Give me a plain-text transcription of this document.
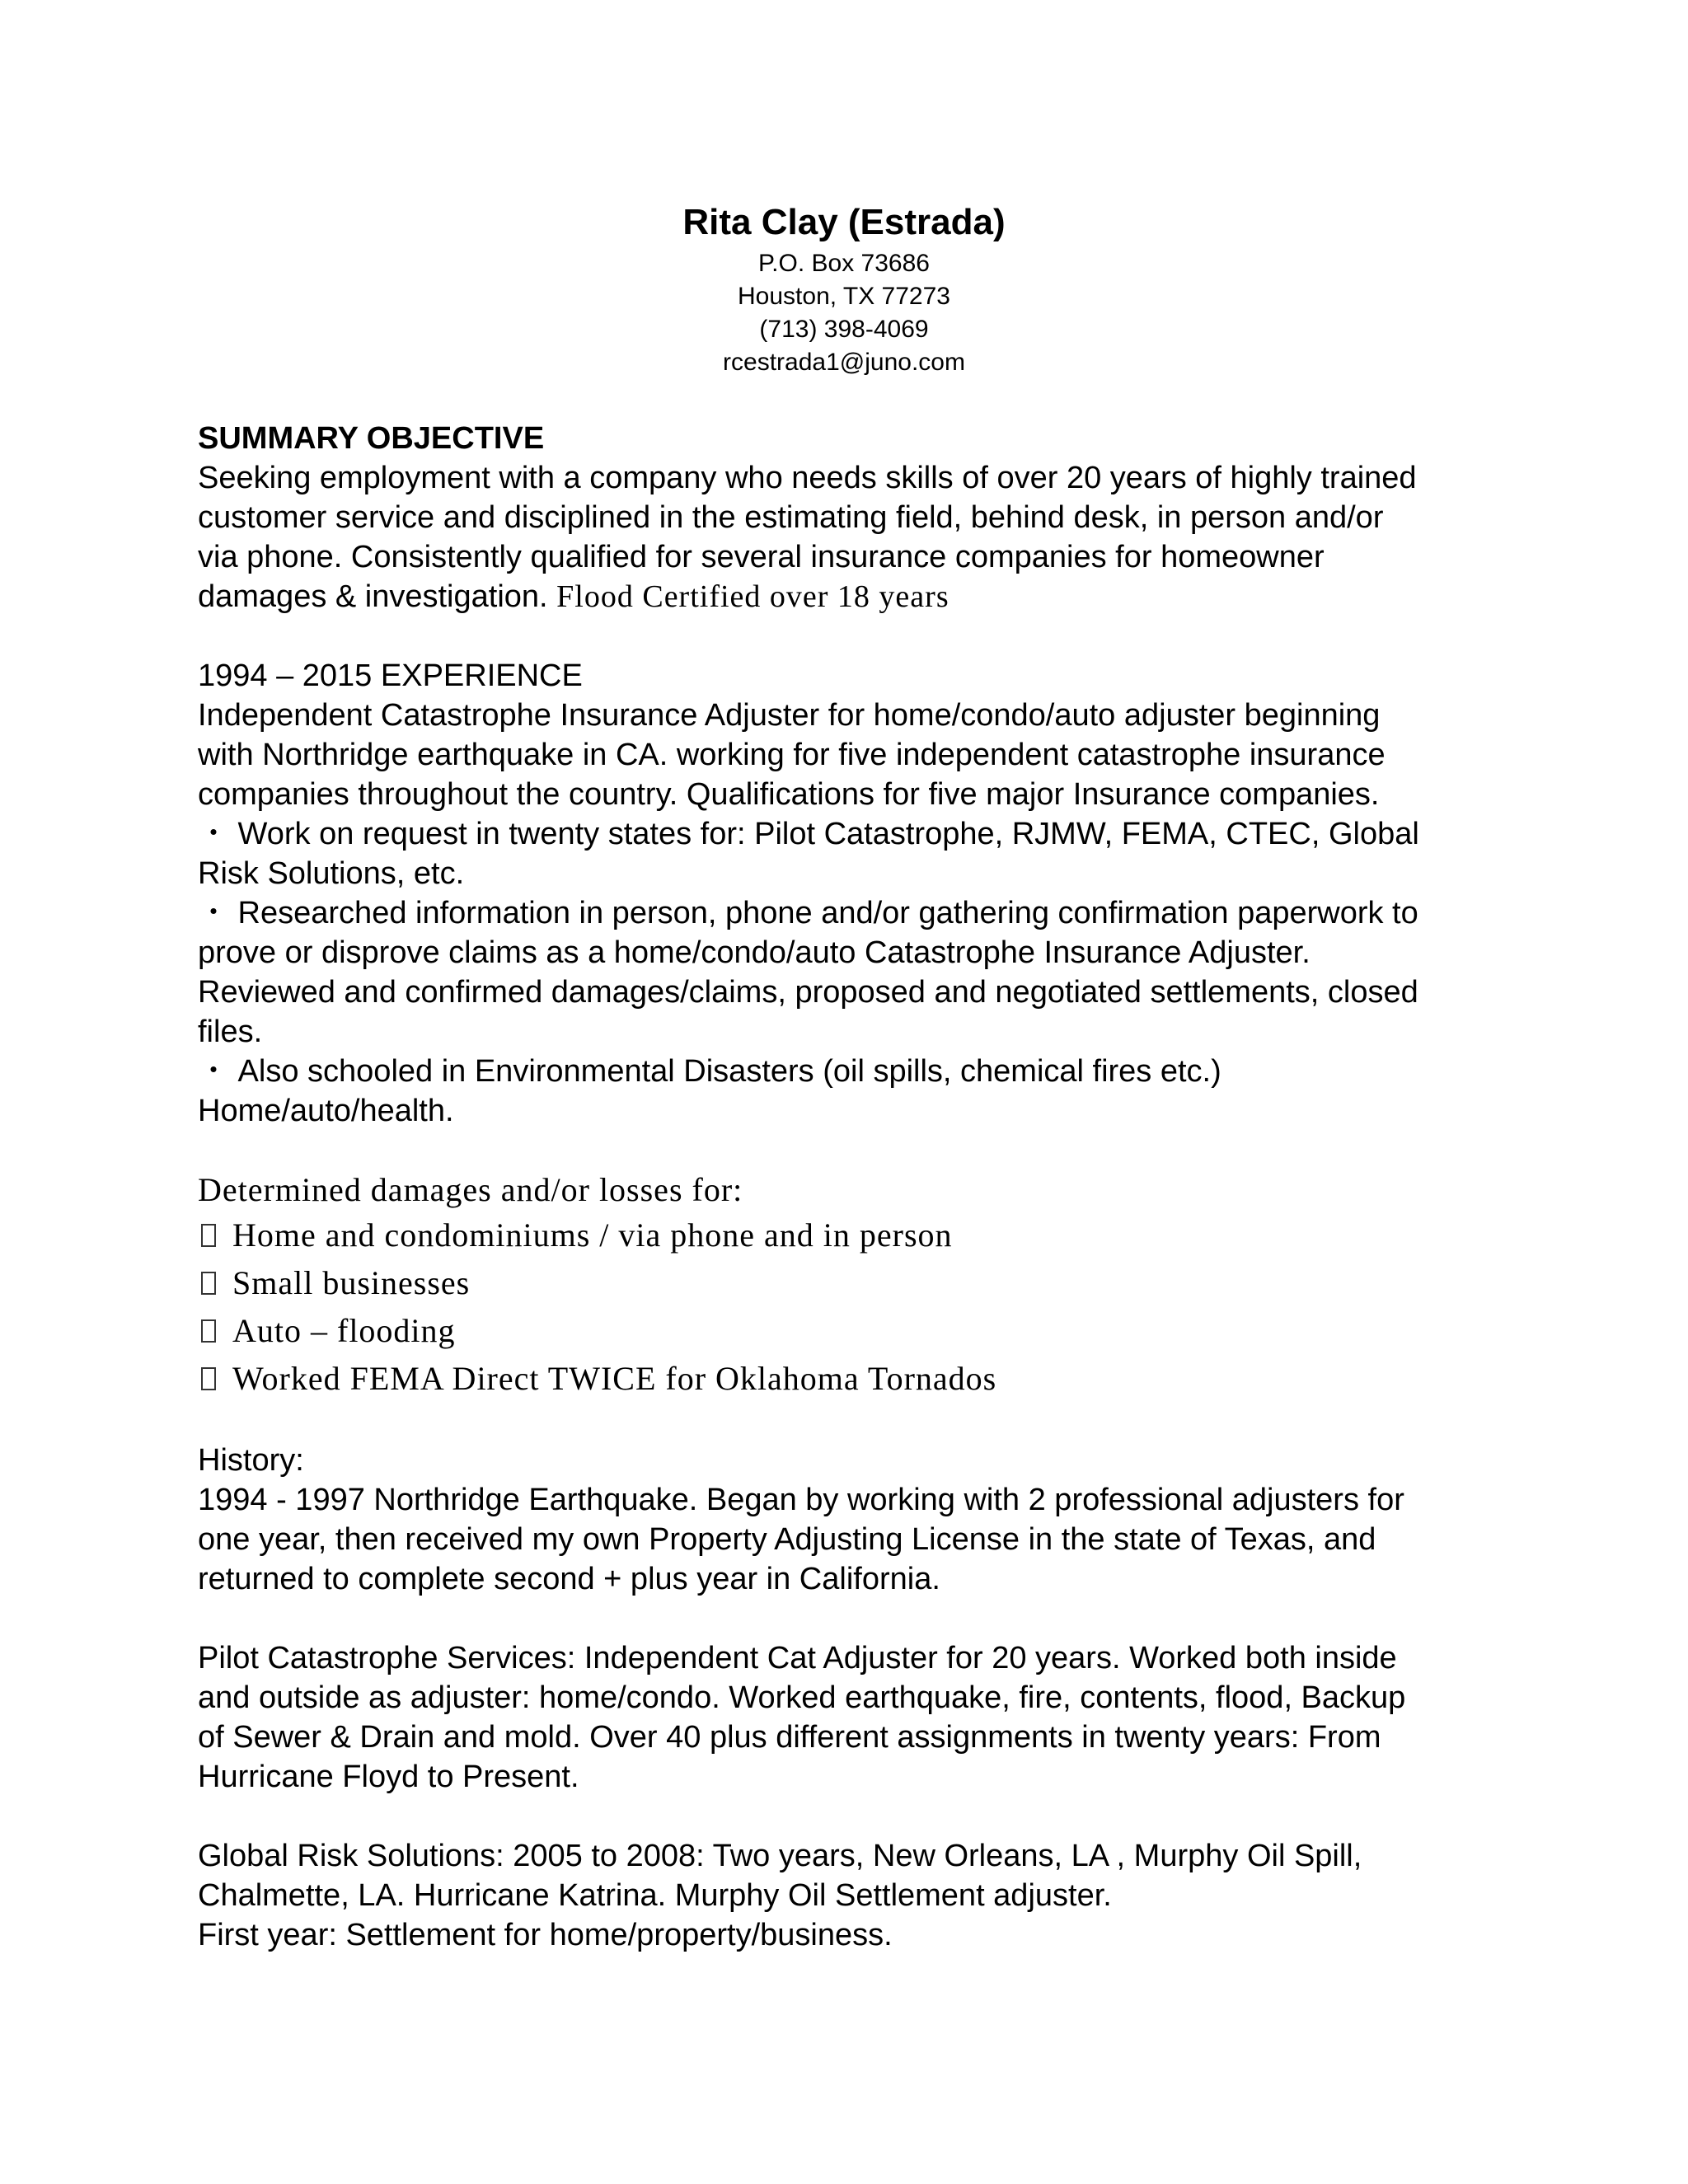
Rita Clay (Estrada)

P.O. Box 73686

Houston, TX 77273

(713) 398-4069

rcestrada1@juno.com

SUMMARY OBJECTIVE

Seeking employment with a company who needs skills of over 20 years of highly trained

customer service and disciplined in the estimating field, behind desk, in person and/or

via phone. Consistently qualified for several insurance companies for homeowner

damages & investigation. Flood Certified over 18 years

1994 – 2015 EXPERIENCE

Independent Catastrophe Insurance Adjuster for home/condo/auto adjuster beginning

with Northridge earthquake in CA. working for five independent catastrophe insurance

companies throughout the country. Qualifications for five major Insurance companies.

・ Work on request in twenty states for: Pilot Catastrophe, RJMW, FEMA, CTEC, Global

Risk Solutions, etc.

・ Researched information in person, phone and/or gathering confirmation paperwork to

prove or disprove claims as a home/condo/auto Catastrophe Insurance Adjuster.

Reviewed and confirmed damages/claims, proposed and negotiated settlements, closed

files.

・ Also schooled in Environmental Disasters (oil spills, chemical fires etc.)

Home/auto/health.

Determined damages and/or losses for:

Home and condominiums / via phone and in person
Small businesses
Auto – flooding
Worked FEMA Direct TWICE for Oklahoma Tornados

History:

1994 - 1997 Northridge Earthquake. Began by working with 2 professional adjusters for

one year, then received my own Property Adjusting License in the state of Texas, and

returned to complete second + plus year in California.

Pilot Catastrophe Services: Independent Cat Adjuster for 20 years. Worked both inside

and outside as adjuster: home/condo. Worked earthquake, fire, contents, flood, Backup

of Sewer & Drain and mold. Over 40 plus different assignments in twenty years: From

Hurricane Floyd to Present.

Global Risk Solutions: 2005 to 2008: Two years, New Orleans, LA , Murphy Oil Spill,

Chalmette, LA. Hurricane Katrina. Murphy Oil Settlement adjuster.

First year: Settlement for home/property/business.
